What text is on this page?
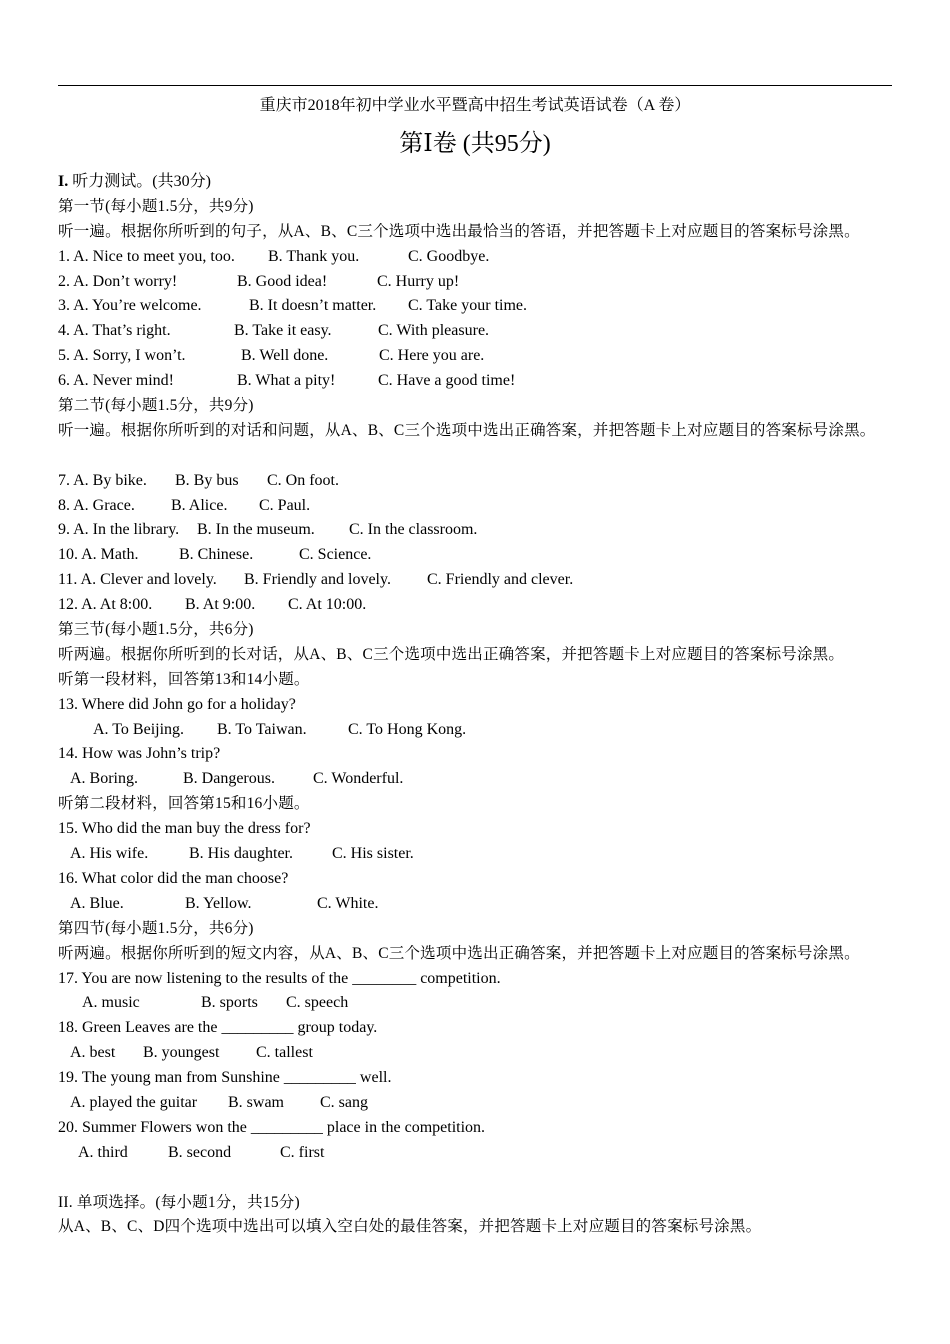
重庆市2018年初中学业水平暨高中招生考试英语试卷（A 卷）
第Ⅰ卷 (共95分)
I. 听力测试。(共30分)
第一节(每小题1.5分，共9分)
听一遍。根据你所听到的句子，从A、B、C三个选项中选出最恰当的答语，并把答题卡上对应题目的答案标号涂黑。
1. A. Nice to meet you, too. B. Thank you.	C. Goodbye.
2. A. Don’t worry!	B. Good idea!	C. Hurry up!
3. A. You’re welcome.	B. It doesn’t matter. C. Take your time.
4. A. That’s right.	B. Take it easy.	C. With pleasure.
5. A. Sorry, I won’t.	B. Well done.	C. Here you are.
6. A. Never mind!	B. What a pity!	C. Have a good time!
第二节(每小题1.5分，共9分)
听一遍。根据你所听到的对话和问题，从A、B、C三个选项中选出正确答案，并把答题卡上对应题目的答案标号涂黑。
7. A. By bike. B. By bus C. On foot.
8. A. Grace. B. Alice. C. Paul.
9. A. In the library. B. In the museum. C. In the classroom.
10. A. Math.	B. Chinese.	C. Science.
11. A. Clever and lovely. B. Friendly and lovely. C. Friendly and clever.
12. A. At 8:00. B. At 9:00. C. At 10:00.
第三节(每小题1.5分，共6分)
听两遍。根据你所听到的长对话，从A、B、C三个选项中选出正确答案，并把答题卡上对应题目的答案标号涂黑。
听第一段材料，回答第13和14小题。
13. Where did John go for a holiday?
A. To Beijing. B. To Taiwan.	C. To Hong Kong.
14. How was John’s trip?
A. Boring.	B. Dangerous. C. Wonderful.
听第二段材料，回答第15和16小题。
15. Who did the man buy the dress for?
A. His wife.	B. His daughter. C. His sister.
16. What color did the man choose?
A. Blue.	B. Yellow.	C. White.
第四节(每小题1.5分，共6分)
听两遍。根据你所听到的短文内容，从A、B、C三个选项中选出正确答案，并把答题卡上对应题目的答案标号涂黑。
17. You are now listening to the results of the ________ competition.
A. music	B. sports C. speech
18. Green Leaves are the _________ group today.
A. best B. youngest C. tallest
19. The young man from Sunshine _________ well.
A. played the guitar B. swam C. sang
20. Summer Flowers won the _________ place in the competition.
A. third	B. second	C. first
II. 单项选择。(每小题1分，共15分)
从A、B、C、D四个选项中选出可以填入空白处的最佳答案，并把答题卡上对应题目的答案标号涂黑。
